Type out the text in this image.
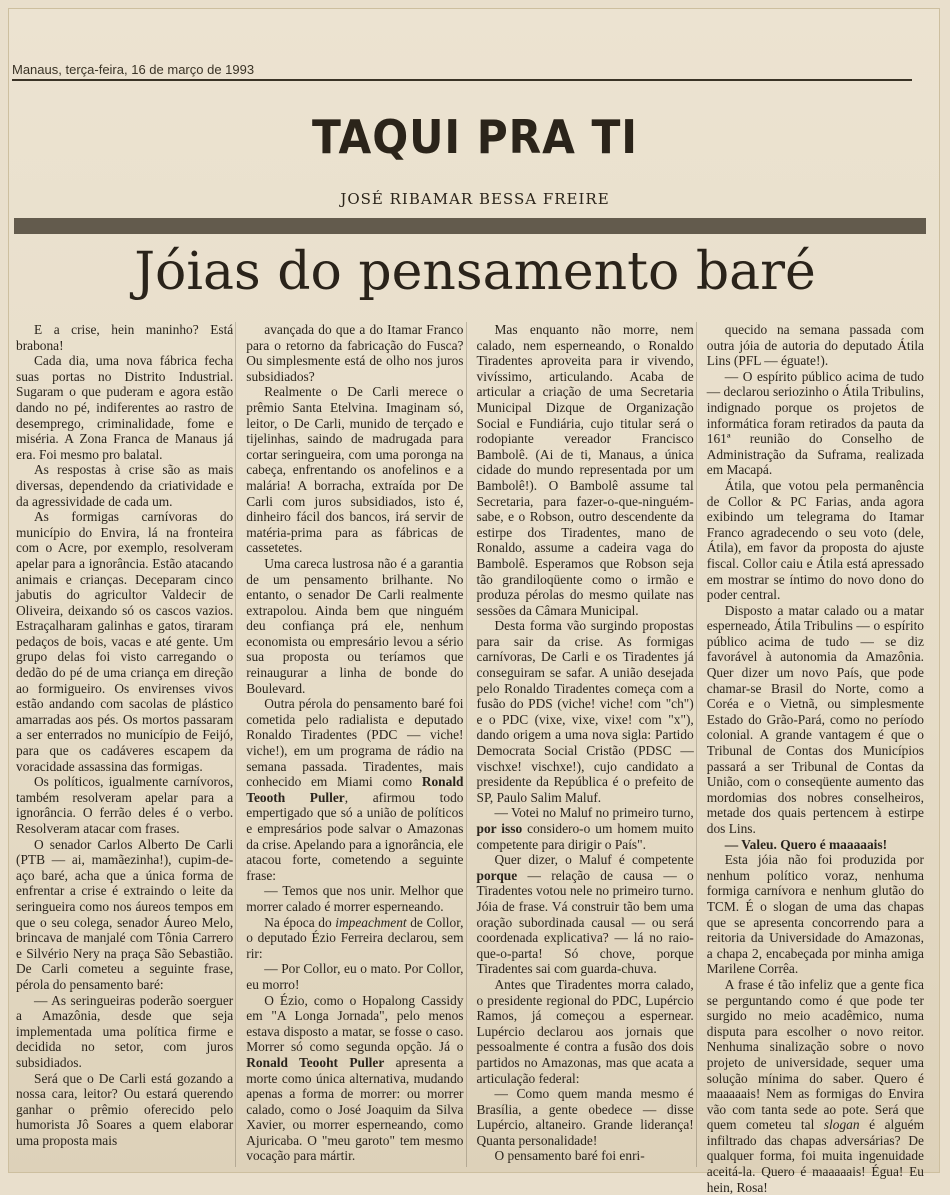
Manaus, terça-feira, 16 de março de 1993
TAQUI PRA TI
JOSÉ RIBAMAR BESSA FREIRE
Jóias do pensamento baré

E a crise, hein maninho? Está brabona!

Cada dia, uma nova fábrica fecha suas portas no Distrito Industrial. Sugaram o que puderam e agora estão dando no pé, indiferentes ao rastro de desemprego, criminalidade, fome e miséria. A Zona Franca de Manaus já era. Foi mesmo pro balatal.

As respostas à crise são as mais diversas, dependendo da criatividade e da agressividade de cada um.

As formigas carnívoras do município do Envira, lá na fronteira com o Acre, por exemplo, resolveram apelar para a ignorância. Estão atacando animais e crianças. Deceparam cinco jabutis do agricultor Valdecir de Oliveira, deixando só os cascos vazios. Estraçalharam galinhas e gatos, tiraram pedaços de bois, vacas e até gente. Um grupo delas foi visto carregando o dedão do pé de uma criança em direção ao formigueiro. Os envirenses vivos estão andando com sacolas de plástico amarradas aos pés. Os mortos passaram a ser enterrados no município de Feijó, para que os cadáveres escapem da voracidade assassina das formigas.

Os políticos, igualmente carnívoros, também resolveram apelar para a ignorância. O ferrão deles é o verbo. Resolveram atacar com frases.

O senador Carlos Alberto De Carli (PTB — ai, mamãezinha!), cupim-de-aço baré, acha que a única forma de enfrentar a crise é extraindo o leite da seringueira como nos áureos tempos em que o seu colega, senador Áureo Melo, brincava de manjalé com Tônia Carrero e Silvério Nery na praça São Sebastião. De Carli cometeu a seguinte frase, pérola do pensamento baré:

— As seringueiras poderão soerguer a Amazônia, desde que seja implementada uma política firme e decidida no setor, com juros subsidiados.

Será que o De Carli está gozando a nossa cara, leitor? Ou estará querendo ganhar o prêmio oferecido pelo humorista Jô Soares a quem elaborar uma proposta mais

avançada do que a do Itamar Franco para o retorno da fabricação do Fusca? Ou simplesmente está de olho nos juros subsidiados?

Realmente o De Carli merece o prêmio Santa Etelvina. Imaginam só, leitor, o De Carli, munido de terçado e tijelinhas, saindo de madrugada para cortar seringueira, com uma poronga na cabeça, enfrentando os anofelinos e a malária! A borracha, extraída por De Carli com juros subsidiados, isto é, dinheiro fácil dos bancos, irá servir de matéria-prima para as fábricas de cassetetes.

Uma careca lustrosa não é a garantia de um pensamento brilhante. No entanto, o senador De Carli realmente extrapolou. Ainda bem que ninguém deu confiança prá ele, nenhum economista ou empresário levou a sério sua proposta ou teríamos que reinaugurar a linha de bonde do Boulevard.

Outra pérola do pensamento baré foi cometida pelo radialista e deputado Ronaldo Tiradentes (PDC — viche! viche!), em um programa de rádio na semana passada. Tiradentes, mais conhecido em Miami como Ronald Teooth Puller, afirmou todo empertigado que só a união de políticos e empresários pode salvar o Amazonas da crise. Apelando para a ignorância, ele atacou forte, cometendo a seguinte frase:

— Temos que nos unir. Melhor que morrer calado é morrer esperneando.

Na época do impeachment de Collor, o deputado Ézio Ferreira declarou, sem rir:

— Por Collor, eu o mato. Por Collor, eu morro!

O Ézio, como o Hopalong Cassidy em "A Longa Jornada", pelo menos estava disposto a matar, se fosse o caso. Morrer só como segunda opção. Já o Ronald Teooht Puller apresenta a morte como única alternativa, mudando apenas a forma de morrer: ou morrer calado, como o José Joaquim da Silva Xavier, ou morrer esperneando, como Ajuricaba. O "meu garoto" tem mesmo vocação para mártir.

Mas enquanto não morre, nem calado, nem esperneando, o Ronaldo Tiradentes aproveita para ir vivendo, vivíssimo, articulando. Acaba de articular a criação de uma Secretaria Municipal Dizque de Organização Social e Fundiária, cujo titular será o rodopiante vereador Francisco Bambolê. (Ai de ti, Manaus, a única cidade do mundo representada por um Bambolê!). O Bambolê assume tal Secretaria, para fazer-o-que-ninguém-sabe, e o Robson, outro descendente da estirpe dos Tiradentes, mano de Ronaldo, assume a cadeira vaga do Bambolê. Esperamos que Robson seja tão grandiloqüente como o irmão e produza pérolas do mesmo quilate nas sessões da Câmara Municipal.

Desta forma vão surgindo propostas para sair da crise. As formigas carnívoras, De Carli e os Tiradentes já conseguiram se safar. A união desejada pelo Ronaldo Tiradentes começa com a fusão do PDS (viche! viche! com "ch") e o PDC (vixe, vixe, vixe! com "x"), dando origem a uma nova sigla: Partido Democrata Social Cristão (PDSC — vischxe! vischxe!), cujo candidato a presidente da República é o prefeito de SP, Paulo Salim Maluf.

— Votei no Maluf no primeiro turno, por isso considero-o um homem muito competente para dirigir o País".

Quer dizer, o Maluf é competente porque — relação de causa — o Tiradentes votou nele no primeiro turno. Jóia de frase. Vá construir tão bem uma oração subordinada causal — ou será coordenada explicativa? — lá no raio-que-o-parta! Só chove, porque Tiradentes sai com guarda-chuva.

Antes que Tiradentes morra calado, o presidente regional do PDC, Lupércio Ramos, já começou a espernear. Lupércio declarou aos jornais que pessoalmente é contra a fusão dos dois partidos no Amazonas, mas que acata a articulação federal:

— Como quem manda mesmo é Brasília, a gente obedece — disse Lupércio, altaneiro. Grande liderança! Quanta personalidade!

O pensamento baré foi enri-

quecido na semana passada com outra jóia de autoria do deputado Átila Lins (PFL — éguate!).

— O espírito público acima de tudo — declarou seriozinho o Átila Tribulins, indignado porque os projetos de informática foram retirados da pauta da 161ª reunião do Conselho de Administração da Suframa, realizada em Macapá.

Átila, que votou pela permanência de Collor & PC Farias, anda agora exibindo um telegrama do Itamar Franco agradecendo o seu voto (dele, Átila), em favor da proposta do ajuste fiscal. Collor caiu e Átila está apressado em mostrar se íntimo do novo dono do poder central.

Disposto a matar calado ou a matar esperneado, Átila Tribulins — o espírito público acima de tudo — se diz favorável à autonomia da Amazônia. Quer dizer um novo País, que pode chamar-se Brasil do Norte, como a Coréa e o Vietnã, ou simplesmente Estado do Grão-Pará, como no período colonial. A grande vantagem é que o Tribunal de Contas dos Municípios passará a ser Tribunal de Contas da União, com o conseqüente aumento das mordomias dos nobres conselheiros, metade dos quais pertencem à estirpe dos Lins.

— Valeu. Quero é maaaaais!

Esta jóia não foi produzida por nenhum político voraz, nenhuma formiga carnívora e nenhum glutão do TCM. É o slogan de uma das chapas que se apresenta concorrendo para a reitoria da Universidade do Amazonas, a chapa 2, encabeçada por minha amiga Marilene Corrêa.

A frase é tão infeliz que a gente fica se perguntando como é que pode ter surgido no meio acadêmico, numa disputa para escolher o novo reitor. Nenhuma sinalização sobre o novo projeto de universidade, sequer uma solução mínima do saber. Quero é maaaaais! Nem as formigas do Envira vão com tanta sede ao pote. Será que quem cometeu tal slogan é alguém infiltrado das chapas adversárias? De qualquer forma, foi muita ingenuidade aceitá-la. Quero é maaaaais! Égua! Eu hein, Rosa!
